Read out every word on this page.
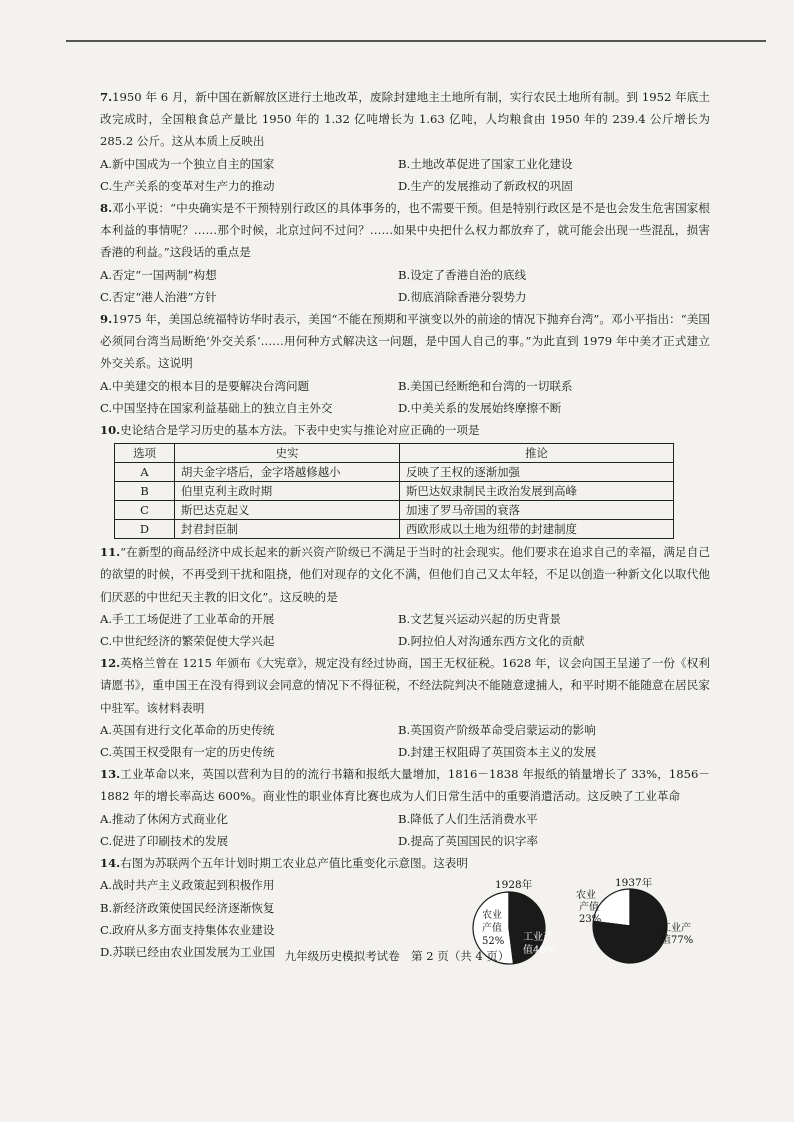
7.1950 年 6 月，新中国在新解放区进行土地改革，废除封建地主土地所有制，实行农民土地所有制。到 1952 年底土改完成时，全国粮食总产量比 1950 年的 1.32 亿吨增长为 1.63 亿吨，人均粮食由 1950 年的 239.4 公斤增长为 285.2 公斤。这从本质上反映出

A.新中国成为一个独立自主的国家	B.土地改革促进了国家工业化建设
C.生产关系的变革对生产力的推动	D.生产的发展推动了新政权的巩固

8.邓小平说：“中央确实是不干预特别行政区的具体事务的，也不需要干预。但是特别行政区是不是也会发生危害国家根本利益的事情呢？……那个时候，北京过问不过问？……如果中央把什么权力都放弃了，就可能会出现一些混乱，损害香港的利益。”这段话的重点是

A.否定“一国两制”构想	B.设定了香港自治的底线
C.否定“港人治港”方针	D.彻底消除香港分裂势力

9.1975 年，美国总统福特访华时表示，美国“不能在预期和平演变以外的前途的情况下抛弃台湾”。邓小平指出：“美国必须同台湾当局断绝‘外交关系’……用何种方式解决这一问题，是中国人自己的事。”为此直到 1979 年中美才正式建立外交关系。这说明

A.中美建交的根本目的是要解决台湾问题	B.美国已经断绝和台湾的一切联系
C.中国坚持在国家利益基础上的独立自主外交	D.中美关系的发展始终摩擦不断

10.史论结合是学习历史的基本方法。下表中史实与推论对应正确的一项是

选项	史实	推论
A	胡夫金字塔后，金字塔越修越小	反映了王权的逐渐加强
B	伯里克利主政时期	斯巴达奴隶制民主政治发展到高峰
C	斯巴达克起义	加速了罗马帝国的衰落
D	封君封臣制	西欧形成以土地为纽带的封建制度

11.“在新型的商品经济中成长起来的新兴资产阶级已不满足于当时的社会现实。他们要求在追求自己的幸福，满足自己的欲望的时候，不再受到干扰和阻挠，他们对现存的文化不满，但他们自己又太年轻，不足以创造一种新文化以取代他们厌恶的中世纪天主教的旧文化”。这反映的是

A.手工工场促进了工业革命的开展	B.文艺复兴运动兴起的历史背景
C.中世纪经济的繁荣促使大学兴起	D.阿拉伯人对沟通东西方文化的贡献

12.英格兰曾在 1215 年颁布《大宪章》，规定没有经过协商，国王无权征税。1628 年，议会向国王呈递了一份《权利请愿书》，重申国王在没有得到议会同意的情况下不得征税，不经法院判决不能随意逮捕人，和平时期不能随意在居民家中驻军。该材料表明

A.英国有进行文化革命的历史传统	B.英国资产阶级革命受启蒙运动的影响
C.英国王权受限有一定的历史传统	D.封建王权阻碍了英国资本主义的发展

13.工业革命以来，英国以营利为目的的流行书籍和报纸大量增加，1816－1838 年报纸的销量增长了 33%，1856－1882 年的增长率高达 600%。商业性的职业体育比赛也成为人们日常生活中的重要消遣活动。这反映了工业革命

A.推动了休闲方式商业化	B.降低了人们生活消费水平
C.促进了印刷技术的发展	D.提高了英国国民的识字率

14.右图为苏联两个五年计划时期工农业总产值比重变化示意图。这表明

A.战时共产主义政策起到积极作用
B.新经济政策使国民经济逐渐恢复
C.政府从多方面支持集体农业建设
D.苏联已经由农业国发展为工业国
1928年
农业
产值
52% 工业产
值48%
1937年
农业
产值
23%
工业产
值77%
九年级历史模拟考试卷　第 2 页（共 4 页）
